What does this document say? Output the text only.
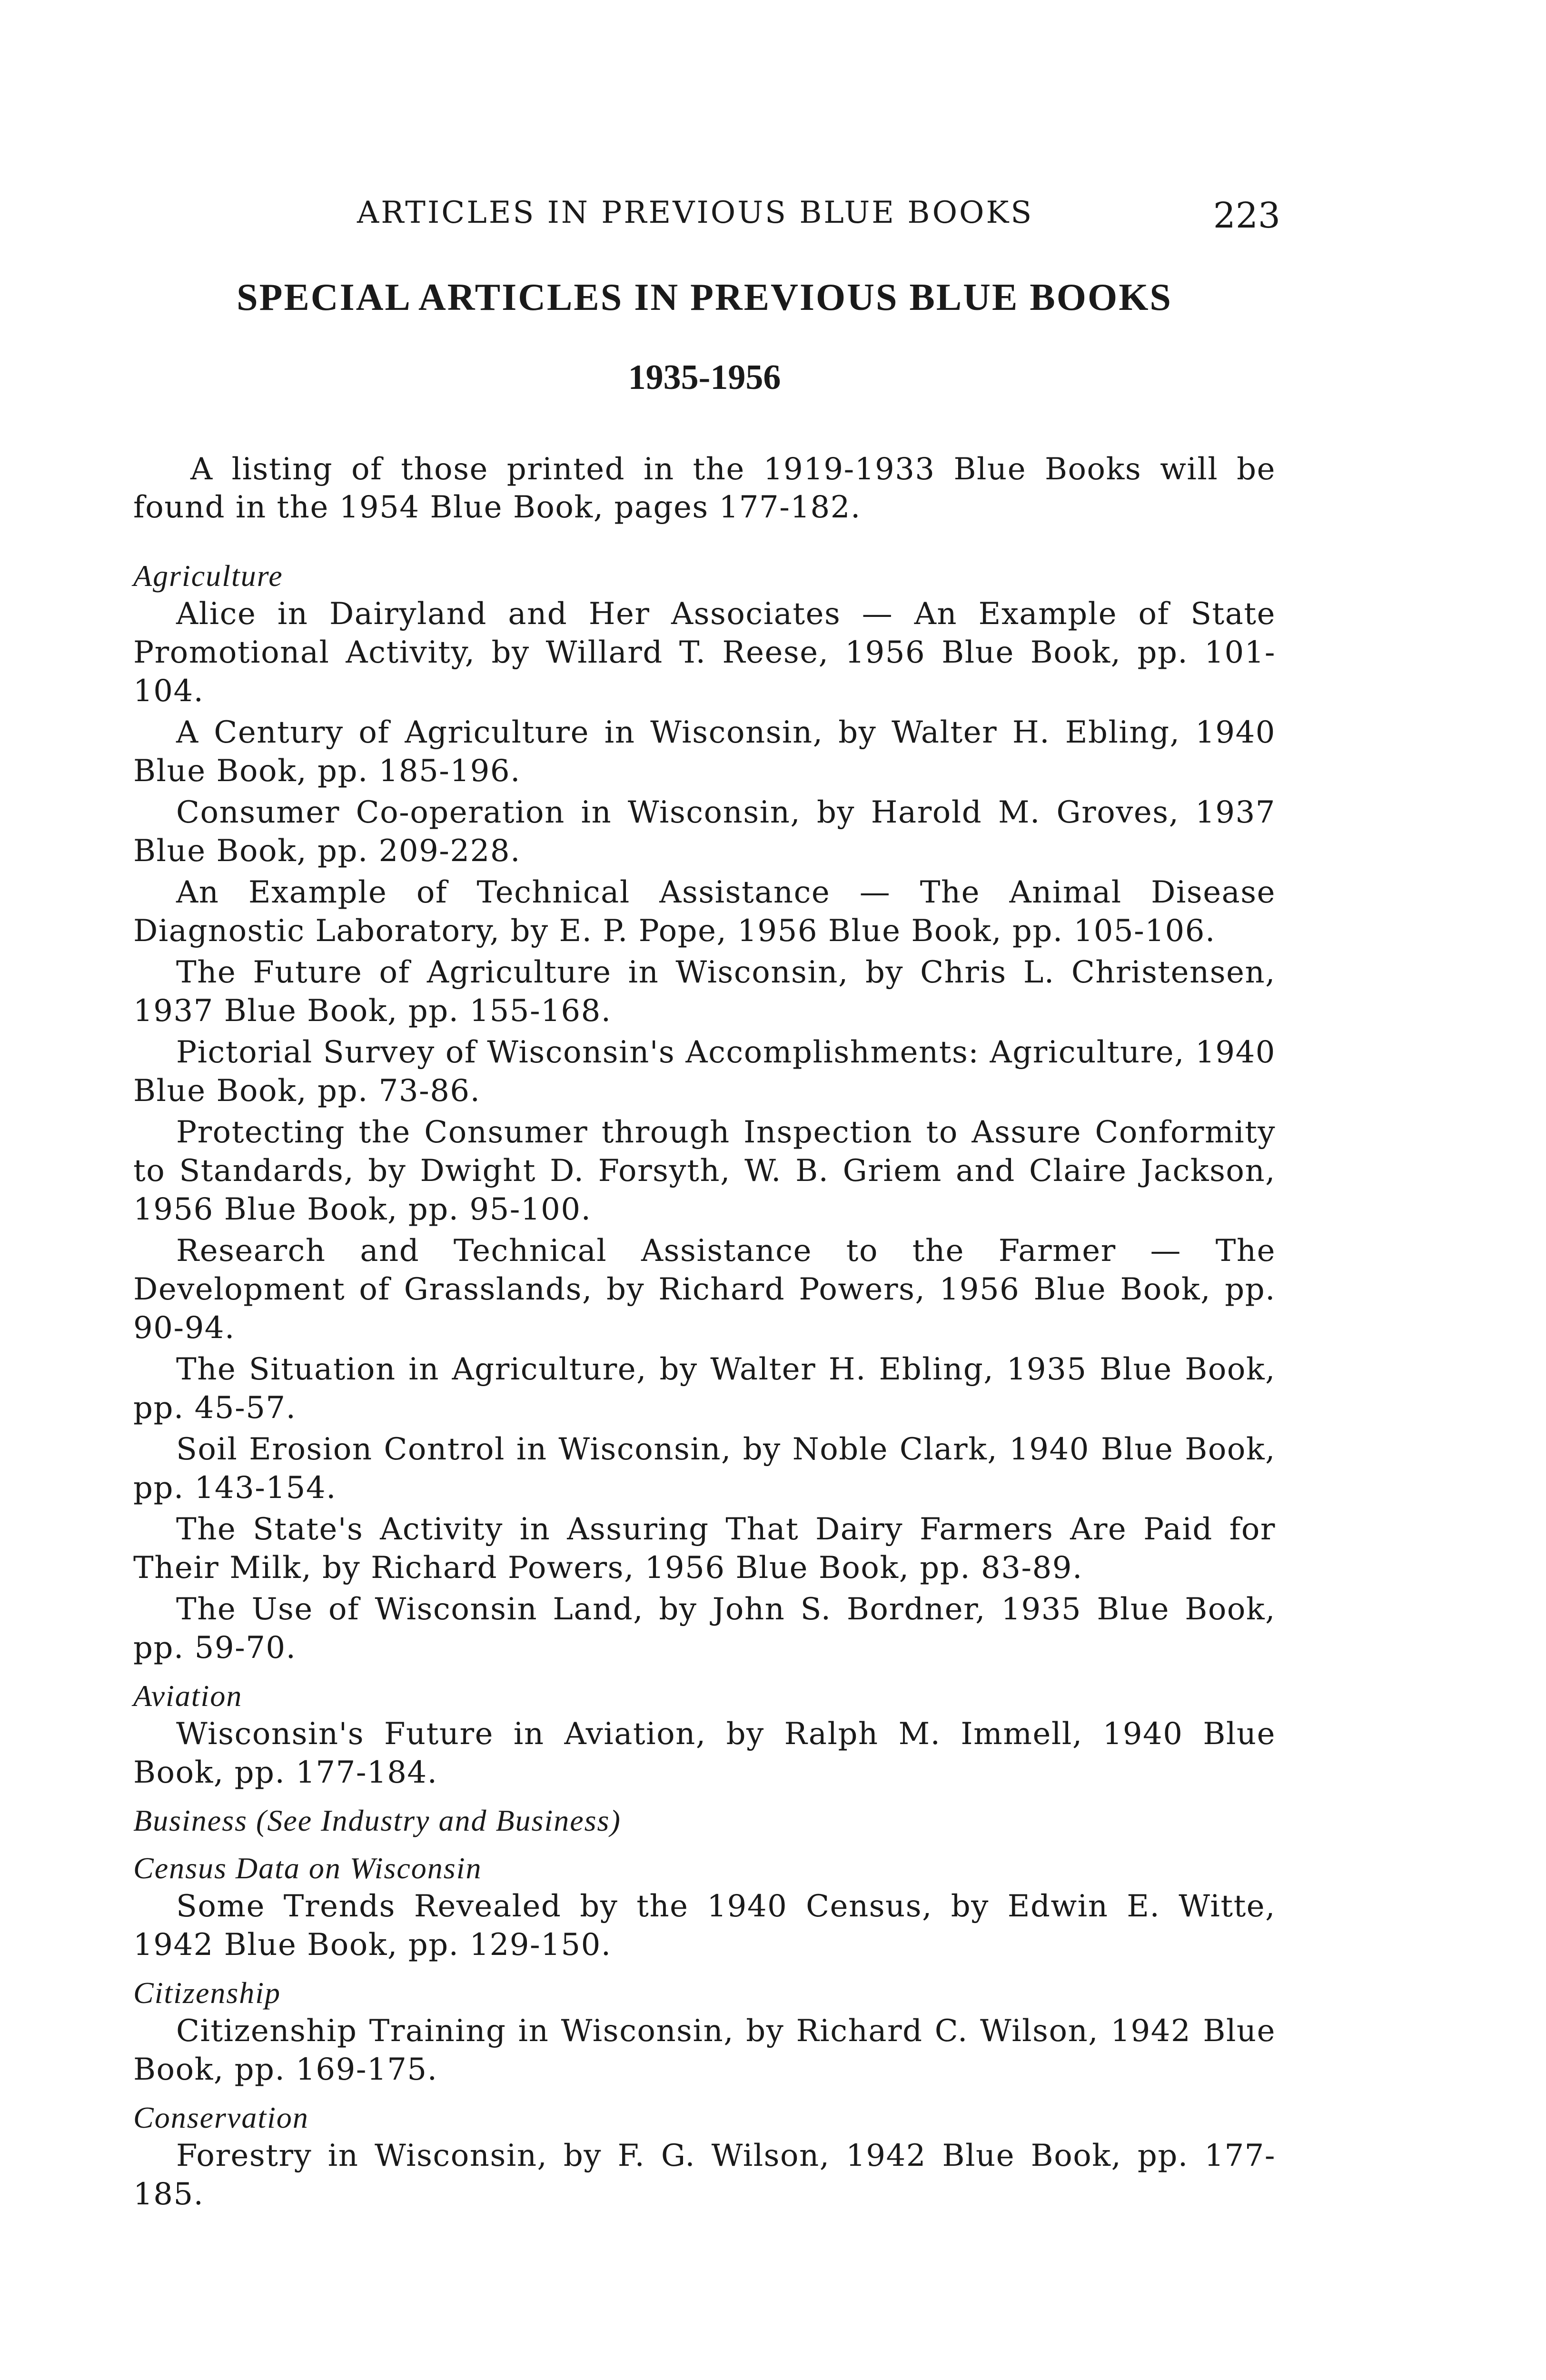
ARTICLES IN PREVIOUS BLUE BOOKS	223
SPECIAL ARTICLES IN PREVIOUS BLUE BOOKS
1935-1956

A listing of those printed in the 1919-1933 Blue Books will be found in the 1954 Blue Book, pages 177-182.

Agriculture

Alice in Dairyland and Her Associates — An Example of State Promotional Activity, by Willard T. Reese, 1956 Blue Book, pp. 101-104.

A Century of Agriculture in Wisconsin, by Walter H. Ebling, 1940 Blue Book, pp. 185-196.

Consumer Co-operation in Wisconsin, by Harold M. Groves, 1937 Blue Book, pp. 209-228.

An Example of Technical Assistance — The Animal Disease Diagnostic Laboratory, by E. P. Pope, 1956 Blue Book, pp. 105-106.

The Future of Agriculture in Wisconsin, by Chris L. Christensen, 1937 Blue Book, pp. 155-168.

Pictorial Survey of Wisconsin's Accomplishments: Agriculture, 1940 Blue Book, pp. 73-86.

Protecting the Consumer through Inspection to Assure Conformity to Standards, by Dwight D. Forsyth, W. B. Griem and Claire Jackson, 1956 Blue Book, pp. 95-100.

Research and Technical Assistance to the Farmer — The Development of Grasslands, by Richard Powers, 1956 Blue Book, pp. 90-94.

The Situation in Agriculture, by Walter H. Ebling, 1935 Blue Book, pp. 45-57.

Soil Erosion Control in Wisconsin, by Noble Clark, 1940 Blue Book, pp. 143-154.

The State's Activity in Assuring That Dairy Farmers Are Paid for Their Milk, by Richard Powers, 1956 Blue Book, pp. 83-89.

The Use of Wisconsin Land, by John S. Bordner, 1935 Blue Book, pp. 59-70.

Aviation

Wisconsin's Future in Aviation, by Ralph M. Immell, 1940 Blue Book, pp. 177-184.

Business (See Industry and Business)
Census Data on Wisconsin

Some Trends Revealed by the 1940 Census, by Edwin E. Witte, 1942 Blue Book, pp. 129-150.

Citizenship

Citizenship Training in Wisconsin, by Richard C. Wilson, 1942 Blue Book, pp. 169-175.

Conservation

Forestry in Wisconsin, by F. G. Wilson, 1942 Blue Book, pp. 177-185.
